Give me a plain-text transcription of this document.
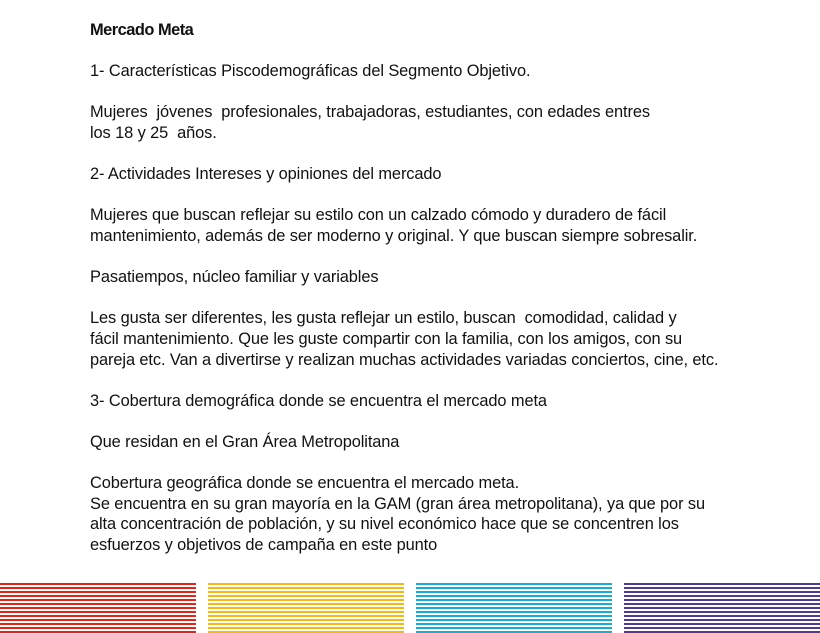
Mercado Meta
1- Características Piscodemográficas del Segmento Objetivo.
Mujeres  jóvenes  profesionales, trabajadoras, estudiantes, con edades entres
los 18 y 25  años.
2- Actividades Intereses y opiniones del mercado
Mujeres que buscan reflejar su estilo con un calzado cómodo y duradero de fácil
mantenimiento, además de ser moderno y original. Y que buscan siempre sobresalir.
Pasatiempos, núcleo familiar y variables
Les gusta ser diferentes, les gusta reflejar un estilo, buscan  comodidad, calidad y
fácil mantenimiento. Que les guste compartir con la familia, con los amigos, con su
pareja etc. Van a divertirse y realizan muchas actividades variadas conciertos, cine, etc.
3- Cobertura demográfica donde se encuentra el mercado meta
Que residan en el Gran Área Metropolitana
Cobertura geográfica donde se encuentra el mercado meta.
Se encuentra en su gran mayoría en la GAM (gran área metropolitana), ya que por su
alta concentración de población, y su nivel económico hace que se concentren los
esfuerzos y objetivos de campaña en este punto
